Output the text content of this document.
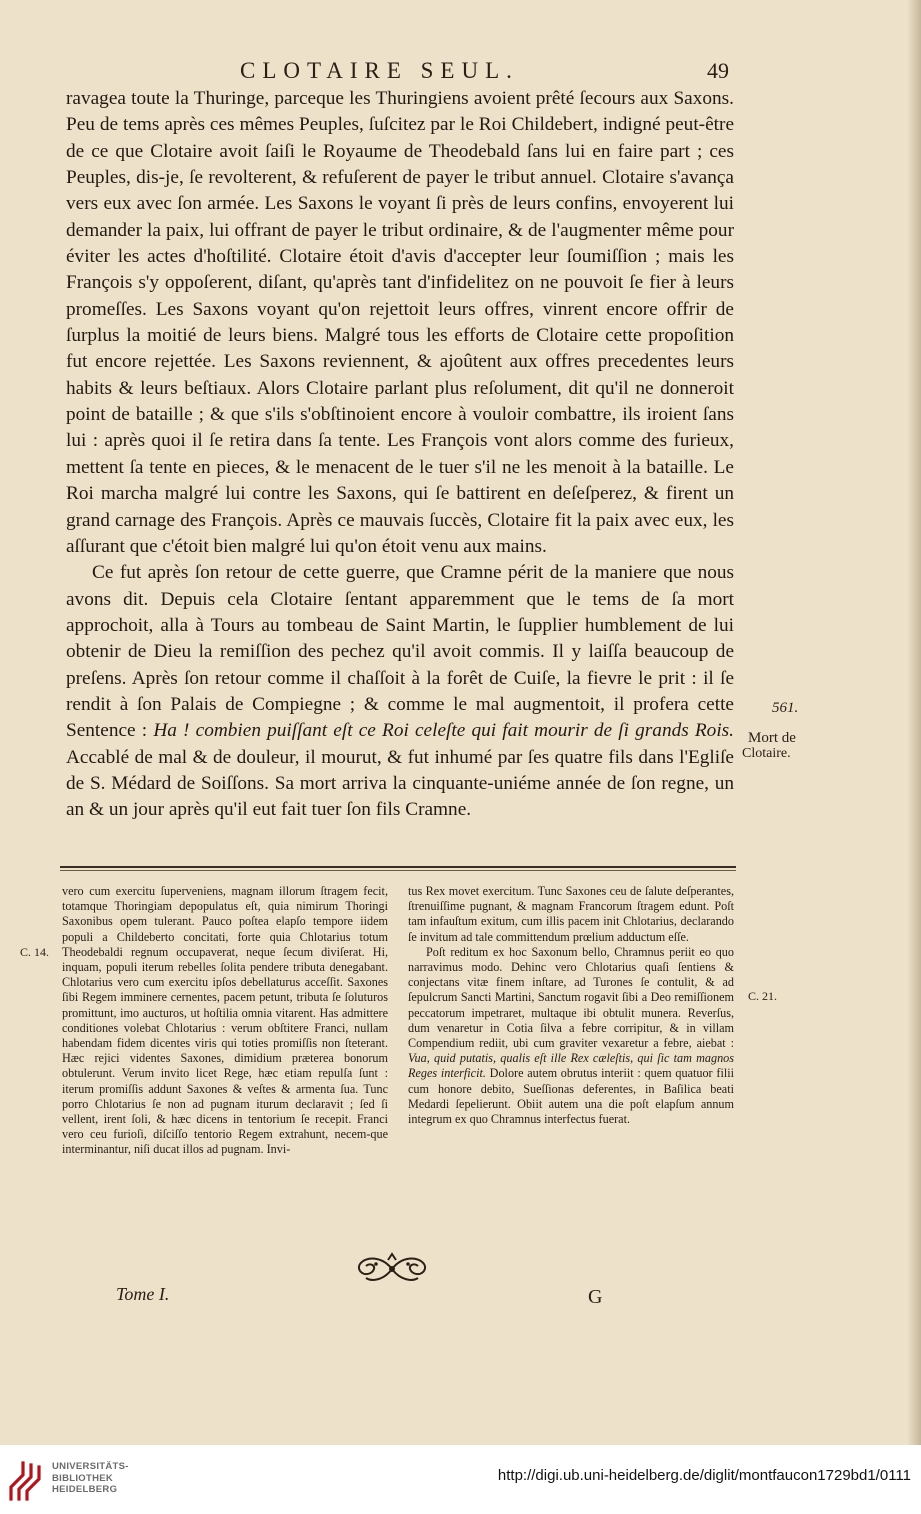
CLOTAIRE SEUL.	49

ravagea toute la Thuringe, parceque les Thuringiens avoient prêté ſecours aux Saxons. Peu de tems après ces mêmes Peuples, ſuſcitez par le Roi Childebert, indigné peut-être de ce que Clotaire avoit ſaiſi le Royaume de Theodebald ſans lui en faire part ; ces Peuples, dis-je, ſe revolterent, & refuſerent de payer le tribut annuel. Clotaire s'avança vers eux avec ſon armée. Les Saxons le voyant ſi près de leurs confins, envoyerent lui demander la paix, lui offrant de payer le tribut ordinaire, & de l'augmenter même pour éviter les actes d'hoſtilité. Clotaire étoit d'avis d'accepter leur ſoumiſſion ; mais les François s'y oppoſerent, diſant, qu'après tant d'infidelitez on ne pouvoit ſe fier à leurs promeſſes. Les Saxons voyant qu'on rejettoit leurs offres, vinrent encore offrir de ſurplus la moitié de leurs biens. Malgré tous les efforts de Clotaire cette propoſition fut encore rejettée. Les Saxons reviennent, & ajoûtent aux offres precedentes leurs habits & leurs beſtiaux. Alors Clotaire parlant plus reſolument, dit qu'il ne donneroit point de bataille ; & que s'ils s'obſtinoient encore à vouloir combattre, ils iroient ſans lui : après quoi il ſe retira dans ſa tente. Les François vont alors comme des furieux, mettent ſa tente en pieces, & le menacent de le tuer s'il ne les menoit à la bataille. Le Roi marcha malgré lui contre les Saxons, qui ſe battirent en deſeſperez, & firent un grand carnage des François. Après ce mauvais ſuccès, Clotaire fit la paix avec eux, les aſſurant que c'étoit bien malgré lui qu'on étoit venu aux mains.

Ce fut après ſon retour de cette guerre, que Cramne périt de la maniere que nous avons dit. Depuis cela Clotaire ſentant apparemment que le tems de ſa mort approchoit, alla à Tours au tombeau de Saint Martin, le ſupplier humblement de lui obtenir de Dieu la remiſſion des pechez qu'il avoit commis. Il y laiſſa beaucoup de preſens. Après ſon retour comme il chaſſoit à la forêt de Cuiſe, la fievre le prit : il ſe rendit à ſon Palais de Compiegne ; & comme le mal augmentoit, il profera cette Sentence : Ha ! combien puiſſant eſt ce Roi celeſte qui fait mourir de ſi grands Rois. Accablé de mal & de douleur, il mourut, & fut inhumé par ſes quatre fils dans l'Egliſe de S. Médard de Soiſſons. Sa mort arriva la cinquante-uniéme année de ſon regne, un an & un jour après qu'il eut fait tuer ſon fils Cramne.

561.
Mort de
Clotaire.
C. 14.
C. 21.

vero cum exercitu ſuperveniens, magnam illorum ſtragem fecit, totamque Thoringiam depopulatus eſt, quia nimirum Thoringi Saxonibus opem tulerant. Pauco poſtea elapſo tempore iidem populi a Childeberto concitati, forte quia Chlotarius totum Theodebaldi regnum occupaverat, neque ſecum diviſerat. Hi, inquam, populi iterum rebelles ſolita pendere tributa denegabant. Chlotarius vero cum exercitu ipſos debellaturus acceſſit. Saxones ſibi Regem imminere cernentes, pacem petunt, tributa ſe ſoluturos promittunt, imo aucturos, ut hoſtilia omnia vitarent. Has admittere conditiones volebat Chlotarius : verum obſtitere Franci, nullam habendam fidem dicentes viris qui toties promiſſis non ſteterant. Hæc rejici videntes Saxones, dimidium præterea bonorum obtulerunt. Verum invito licet Rege, hæc etiam repulſa ſunt : iterum promiſſis addunt Saxones & veſtes & armenta ſua. Tunc porro Chlotarius ſe non ad pugnam iturum declaravit ; ſed ſi vellent, irent ſoli, & hæc dicens in tentorium ſe recepit. Franci vero ceu furioſi, diſciſſo tentorio Regem extrahunt, necem-que interminantur, niſi ducat illos ad pugnam. Invi-

tus Rex movet exercitum. Tunc Saxones ceu de ſalute deſperantes, ſtrenuiſſime pugnant, & magnam Francorum ſtragem edunt. Poſt tam infauſtum exitum, cum illis pacem init Chlotarius, declarando ſe invitum ad tale committendum prœlium adductum eſſe.

Poſt reditum ex hoc Saxonum bello, Chramnus periit eo quo narravimus modo. Dehinc vero Chlotarius quaſi ſentiens & conjectans vitæ finem inſtare, ad Turones ſe contulit, & ad ſepulcrum Sancti Martini, Sanctum rogavit ſibi a Deo remiſſionem peccatorum impetraret, multaque ibi obtulit munera. Reverſus, dum venaretur in Cotia ſilva a febre corripitur, & in villam Compendium rediit, ubi cum graviter vexaretur a febre, aiebat : Vua, quid putatis, qualis eſt ille Rex cæleſtis, qui ſic tam magnos Reges interficit. Dolore autem obrutus interiit : quem quatuor filii cum honore debito, Sueſſionas deferentes, in Baſilica beati Medardi ſepelierunt. Obiit autem una die poſt elapſum annum integrum ex quo Chramnus interfectus fuerat.

Tome I.	G
UNIVERSITÄTS-
BIBLIOTHEK
HEIDELBERG
http://digi.ub.uni-heidelberg.de/diglit/montfaucon1729bd1/0111
